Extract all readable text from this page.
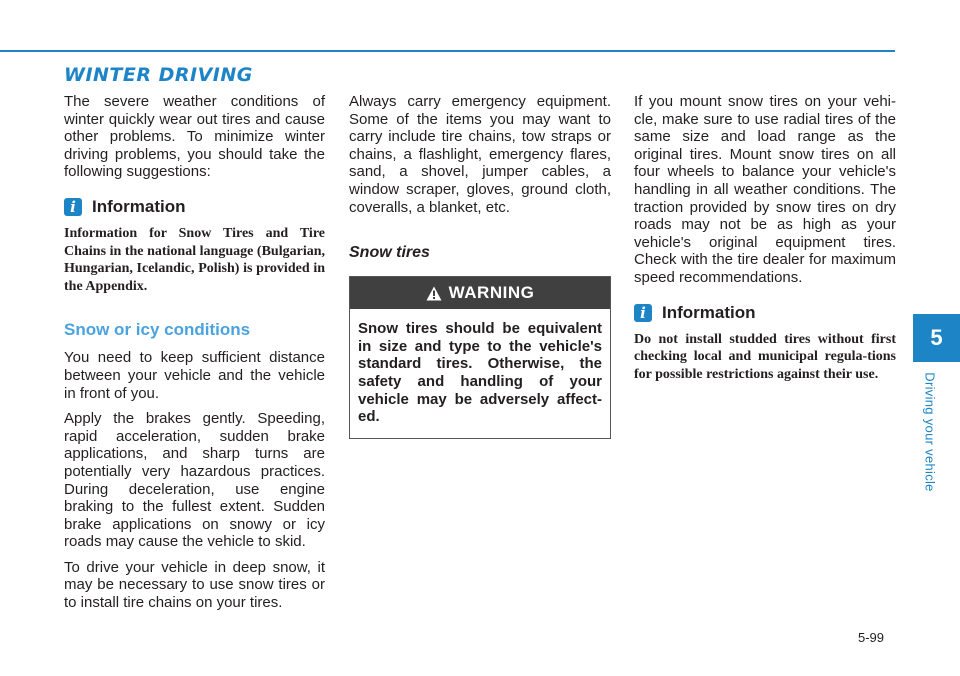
WINTER DRIVING

The severe weather conditions of winter quickly wear out tires and cause other problems. To minimize winter driving problems, you should take the following suggestions:

i Information

Information for Snow Tires and Tire Chains in the national language (Bulgarian, Hungarian, Icelandic, Polish) is provided in the Appendix.

Snow or icy conditions

You need to keep sufficient distance between your vehicle and the vehicle in front of you.

Apply the brakes gently. Speeding, rapid acceleration, sudden brake applications, and sharp turns are potentially very hazardous practices. During deceleration, use engine braking to the fullest extent. Sudden brake applications on snowy or icy roads may cause the vehicle to skid.

To drive your vehicle in deep snow, it may be necessary to use snow tires or to install tire chains on your tires.

Always carry emergency equipment. Some of the items you may want to carry include tire chains, tow straps or chains, a flashlight, emergency flares, sand, a shovel, jumper cables, a window scraper, gloves, ground cloth, coveralls, a blanket, etc.

Snow tires
WARNING

Snow tires should be equivalent in size and type to the vehicle's standard tires. Otherwise, the safety and handling of your vehicle may be adversely affect-ed.

If you mount snow tires on your vehi-cle, make sure to use radial tires of the same size and load range as the original tires. Mount snow tires on all four wheels to balance your vehicle's handling in all weather conditions. The traction provided by snow tires on dry roads may not be as high as your vehicle's original equipment tires. Check with the tire dealer for maximum speed recommendations.

i Information

Do not install studded tires without first checking local and municipal regula-tions for possible restrictions against their use.

5
Driving your vehicle
5-99
